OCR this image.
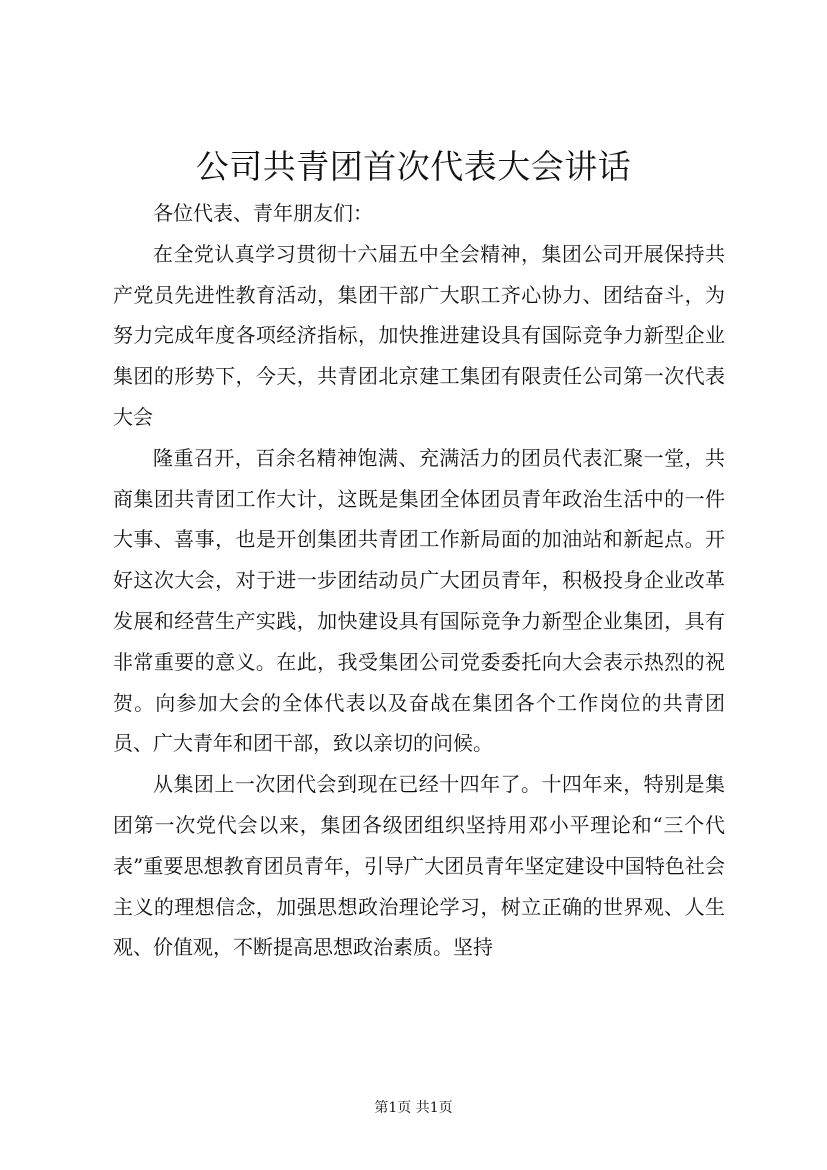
公司共青团首次代表大会讲话

各位代表、青年朋友们：

在全党认真学习贯彻十六届五中全会精神，集团公司开展保持共产党员先进性教育活动，集团干部广大职工齐心协力、团结奋斗，为努力完成年度各项经济指标，加快推进建设具有国际竞争力新型企业集团的形势下，今天，共青团北京建工集团有限责任公司第一次代表大会

隆重召开，百余名精神饱满、充满活力的团员代表汇聚一堂，共商集团共青团工作大计，这既是集团全体团员青年政治生活中的一件大事、喜事，也是开创集团共青团工作新局面的加油站和新起点。开好这次大会，对于进一步团结动员广大团员青年，积极投身企业改革发展和经营生产实践，加快建设具有国际竞争力新型企业集团，具有非常重要的意义。在此，我受集团公司党委委托向大会表示热烈的祝贺。向参加大会的全体代表以及奋战在集团各个工作岗位的共青团员、广大青年和团干部，致以亲切的问候。

从集团上一次团代会到现在已经十四年了。十四年来，特别是集团第一次党代会以来，集团各级团组织坚持用邓小平理论和“三个代表”重要思想教育团员青年，引导广大团员青年坚定建设中国特色社会主义的理想信念，加强思想政治理论学习，树立正确的世界观、人生观、价值观，不断提高思想政治素质。坚持

第1页 共1页
